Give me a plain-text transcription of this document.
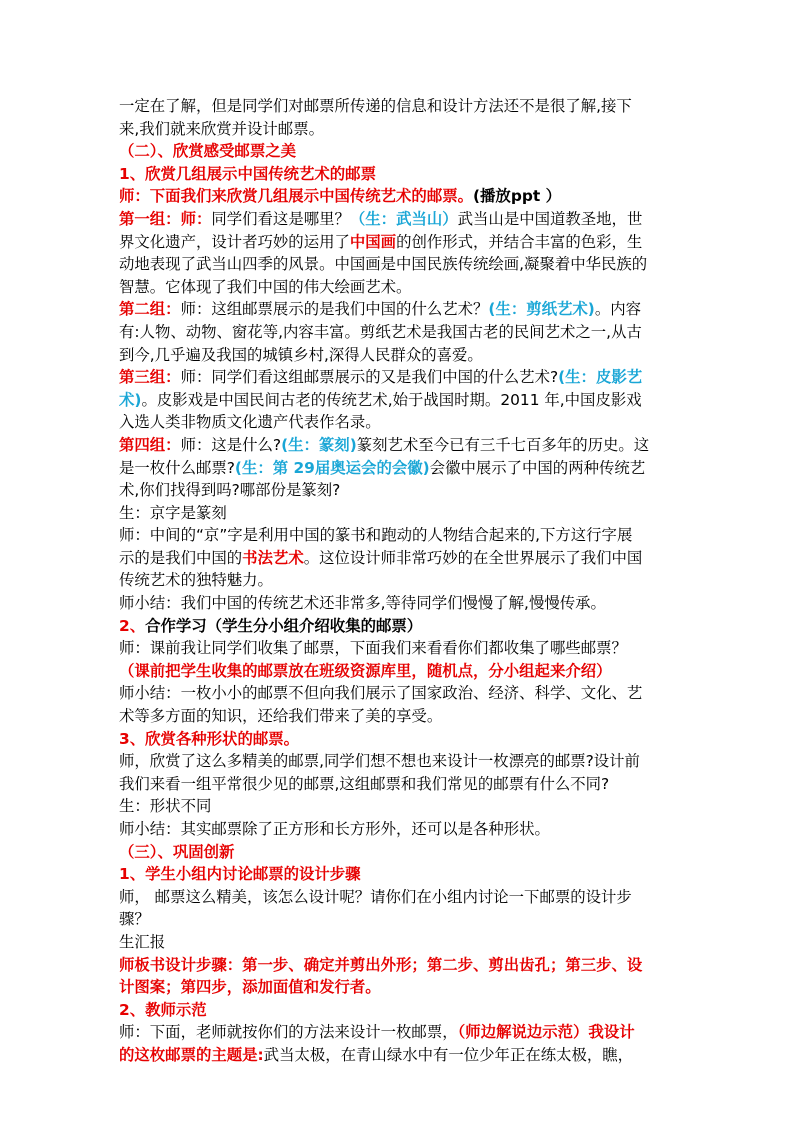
一定在了解，但是同学们对邮票所传递的信息和设计方法还不是很了解,接下
来,我们就来欣赏并设计邮票。
（二）、欣赏感受邮票之美
1、欣赏几组展示中国传统艺术的邮票
师：下面我们来欣赏几组展示中国传统艺术的邮票。(播放ppt ）
第一组：师：同学们看这是哪里？（生：武当山）武当山是中国道教圣地，世
界文化遗产，设计者巧妙的运用了中国画的创作形式，并结合丰富的色彩，生
动地表现了武当山四季的风景。中国画是中国民族传统绘画,凝聚着中华民族的
智慧。它体现了我们中国的伟大绘画艺术。
第二组：师：这组邮票展示的是我们中国的什么艺术？(生：剪纸艺术)。内容
有:人物、动物、窗花等,内容丰富。剪纸艺术是我国古老的民间艺术之一,从古
到今,几乎遍及我国的城镇乡村,深得人民群众的喜爱。
第三组：师：同学们看这组邮票展示的又是我们中国的什么艺术?(生：皮影艺
术)。皮影戏是中国民间古老的传统艺术,始于战国时期。2011 年,中国皮影戏
入选人类非物质文化遗产代表作名录。
第四组：师：这是什么?(生：篆刻)篆刻艺术至今已有三千七百多年的历史。这
是一枚什么邮票?(生：第 29届奥运会的会徽)会徽中展示了中国的两种传统艺
术,你们找得到吗?哪部份是篆刻?
生：京字是篆刻
师：中间的“京”字是利用中国的篆书和跑动的人物结合起来的,下方这行字展
示的是我们中国的书法艺术。这位设计师非常巧妙的在全世界展示了我们中国
传统艺术的独特魅力。
师小结：我们中国的传统艺术还非常多,等待同学们慢慢了解,慢慢传承。
2、合作学习（学生分小组介绍收集的邮票）
师：课前我让同学们收集了邮票，下面我们来看看你们都收集了哪些邮票？
（课前把学生收集的邮票放在班级资源库里，随机点，分小组起来介绍）
师小结：一枚小小的邮票不但向我们展示了国家政治、经济、科学、文化、艺
术等多方面的知识，还给我们带来了美的享受。
3、欣赏各种形状的邮票。
师，欣赏了这么多精美的邮票,同学们想不想也来设计一枚漂亮的邮票?设计前
我们来看一组平常很少见的邮票,这组邮票和我们常见的邮票有什么不同?
生：形状不同
师小结：其实邮票除了正方形和长方形外，还可以是各种形状。
（三）、巩固创新
1、学生小组内讨论邮票的设计步骤
师， 邮票这么精美，该怎么设计呢？请你们在小组内讨论一下邮票的设计步
骤？
生汇报
师板书设计步骤：第一步、确定并剪出外形；第二步、剪出齿孔；第三步、设
计图案；第四步，添加面值和发行者。
2、教师示范
师：下面，老师就按你们的方法来设计一枚邮票，（师边解说边示范）我设计
的这枚邮票的主题是:武当太极，在青山绿水中有一位少年正在练太极，瞧，
